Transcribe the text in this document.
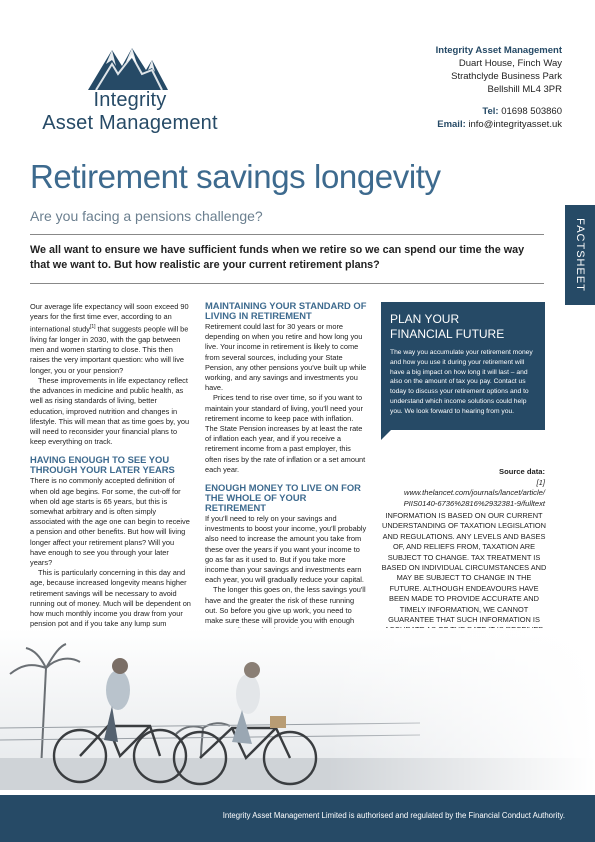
Integrity
Asset Management
Integrity Asset Management
Duart House, Finch Way
Strathclyde Business Park
Bellshill ML4 3PR
Tel: 01698 503860
Email: info@integrityasset.uk
FACTSHEET
Retirement savings longevity
Are you facing a pensions challenge?
We all want to ensure we have sufficient funds when we retire so we can spend our time the way that we want to. But how realistic are your current retirement plans?

Our average life expectancy will soon exceed 90 years for the first time ever, according to an international study[1] that suggests people will be living far longer in 2030, with the gap between men and women starting to close. This then raises the very important question: who will live longer, you or your pension?

These improvements in life expectancy reflect the advances in medicine and public health, as well as rising standards of living, better education, improved nutrition and changes in lifestyle. This will mean that as time goes by, you will need to reconsider your financial plans to keep everything on track.

HAVING ENOUGH TO SEE YOU THROUGH YOUR LATER YEARS

There is no commonly accepted definition of when old age begins. For some, the cut-off for when old age starts is 65 years, but this is somewhat arbitrary and is often simply associated with the age one can begin to receive a pension and other benefits. But how will living longer affect your retirement plans? Will you have enough to see you through your later years?

This is particularly concerning in this day and age, because increased longevity means higher retirement savings will be necessary to avoid running out of money. Much will be dependent on how much monthly income you draw from your pension pot and if you take any lump sum

MAINTAINING YOUR STANDARD OF LIVING IN RETIREMENT

Retirement could last for 30 years or more depending on when you retire and how long you live. Your income in retirement is likely to come from several sources, including your State Pension, any other pensions you've built up while working, and any savings and investments you have.

Prices tend to rise over time, so if you want to maintain your standard of living, you'll need your retirement income to keep pace with inflation. The State Pension increases by at least the rate of inflation each year, and if you receive a retirement income from a past employer, this often rises by the rate of inflation or a set amount each year.

ENOUGH MONEY TO LIVE ON FOR THE WHOLE OF YOUR RETIREMENT

If you'll need to rely on your savings and investments to boost your income, you'll probably also need to increase the amount you take from these over the years if you want your income to go as far as it used to. But if you take more income than your savings and investments earn each year, you will gradually reduce your capital.

The longer this goes on, the less savings you'll have and the greater the risk of these running out. So before you give up work, you need to make sure these will provide you with enough

PLAN YOUR
FINANCIAL FUTURE
The way you accumulate your retirement money and how you use it during your retirement will have a big impact on how long it will last – and also on the amount of tax you pay. Contact us today to discuss your retirement options and to understand which income solutions could help you. We look forward to hearing from you.
Source data:
[1] www.thelancet.com/journals/lancet/article/
PIIS0140-6736%2816%2932381-9/fulltext
INFORMATION IS BASED ON OUR CURRENT UNDERSTANDING OF TAXATION LEGISLATION AND REGULATIONS. ANY LEVELS AND BASES OF, AND RELIEFS FROM, TAXATION ARE SUBJECT TO CHANGE. TAX TREATMENT IS BASED ON INDIVIDUAL CIRCUMSTANCES AND MAY BE SUBJECT TO CHANGE IN THE FUTURE. ALTHOUGH ENDEAVOURS HAVE BEEN MADE TO PROVIDE ACCURATE AND TIMELY INFORMATION, WE CANNOT GUARANTEE THAT SUCH INFORMATION IS
Integrity Asset Management Limited is authorised and regulated by the Financial Conduct Authority.
